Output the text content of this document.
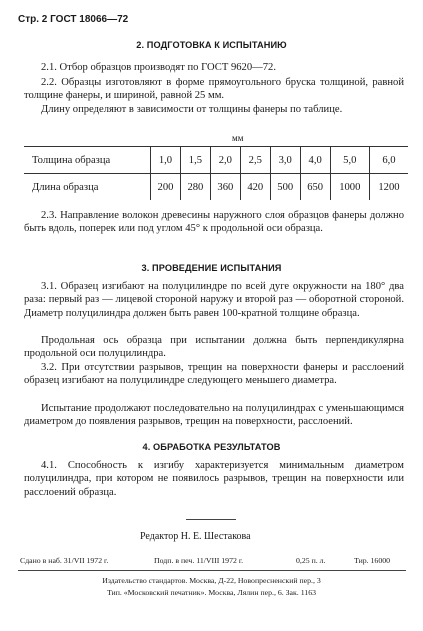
Стр. 2 ГОСТ 18066—72
2. ПОДГОТОВКА К ИСПЫТАНИЮ
2.1. Отбор образцов производят по ГОСТ 9620—72.

2.2. Образцы изготовляют в форме прямоугольного бруска толщиной, равной толщине фанеры, и шириной, равной 25 мм.

Длину определяют в зависимости от толщины фанеры по таблице.

мм
Толщина образца	1,0	1,5	2,0	2,5	3,0	4,0	5,0	6,0
Длина образца	200	280	360	420	500	650	1000	1200

2.3. Направление волокон древесины наружного слоя образцов фанеры должно быть вдоль, поперек или под углом 45° к продольной оси образца.

3. ПРОВЕДЕНИЕ ИСПЫТАНИЯ

3.1. Образец изгибают на полуцилиндре по всей дуге окружности на 180° два раза: первый раз — лицевой стороной наружу и второй раз — оборотной стороной. Диаметр полуцилиндра должен быть равен 100-кратной толщине образца.

Продольная ось образца при испытании должна быть перпендикулярна продольной оси полуцилиндра.

3.2. При отсутствии разрывов, трещин на поверхности фанеры и расслоений образец изгибают на полуцилиндре следующего меньшего диаметра.

Испытание продолжают последовательно на полуцилиндрах с уменьшающимся диаметром до появления разрывов, трещин на поверхности, расслоений.

4. ОБРАБОТКА РЕЗУЛЬТАТОВ

4.1. Способность к изгибу характеризуется минимальным диаметром полуцилиндра, при котором не появилось разрывов, трещин на поверхности или расслоений образца.

Редактор Н. Е. Шестакова
Сдано в наб. 31/VII 1972 г.	Подп. в печ. 11/VIII 1972 г.	0,25 п. л.	Тир. 16000
Издательство стандартов. Москва, Д-22, Новопресненский пер., 3
Тип. «Московский печатник». Москва, Лялин пер., 6. Зак. 1163
